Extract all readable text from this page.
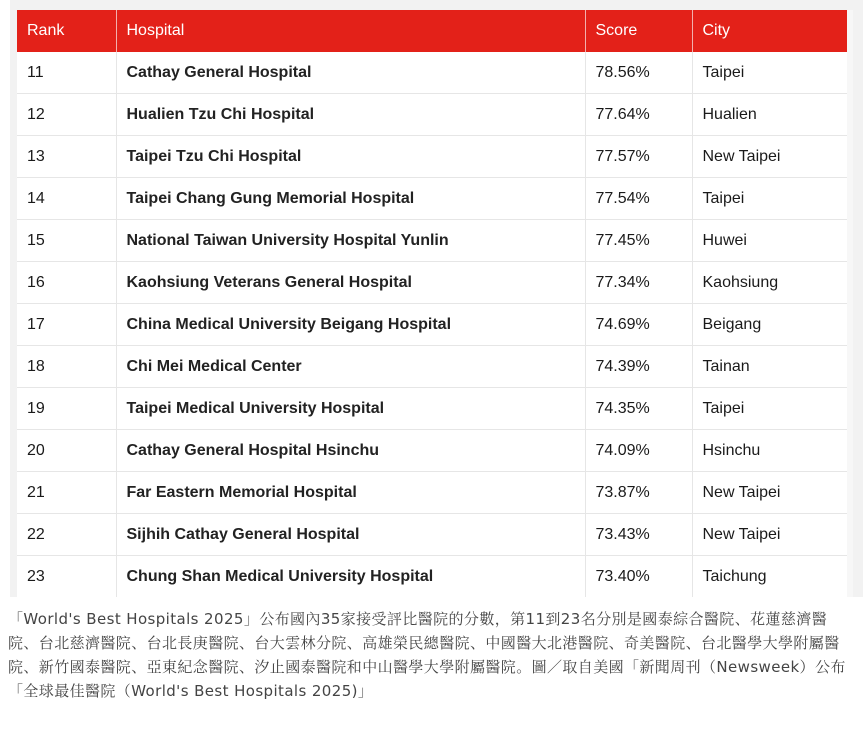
Rank	Hospital	Score	City
11	Cathay General Hospital	78.56%	Taipei
12	Hualien Tzu Chi Hospital	77.64%	Hualien
13	Taipei Tzu Chi Hospital	77.57%	New Taipei
14	Taipei Chang Gung Memorial Hospital	77.54%	Taipei
15	National Taiwan University Hospital Yunlin	77.45%	Huwei
16	Kaohsiung Veterans General Hospital	77.34%	Kaohsiung
17	China Medical University Beigang Hospital	74.69%	Beigang
18	Chi Mei Medical Center	74.39%	Tainan
19	Taipei Medical University Hospital	74.35%	Taipei
20	Cathay General Hospital Hsinchu	74.09%	Hsinchu
21	Far Eastern Memorial Hospital	73.87%	New Taipei
22	Sijhih Cathay General Hospital	73.43%	New Taipei
23	Chung Shan Medical University Hospital	73.40%	Taichung
「World's Best Hospitals 2025」公布國內35家接受評比醫院的分數，第11到23名分別是國泰綜合醫院、花蓮慈濟醫院、台北慈濟醫院、台北長庚醫院、台大雲林分院、高雄榮民總醫院、中國醫大北港醫院、奇美醫院、台北醫學大學附屬醫院、新竹國泰醫院、亞東紀念醫院、汐止國泰醫院和中山醫學大學附屬醫院。圖／取自美國「新聞周刊（Newsweek）公布「全球最佳醫院（World's Best Hospitals 2025)」
